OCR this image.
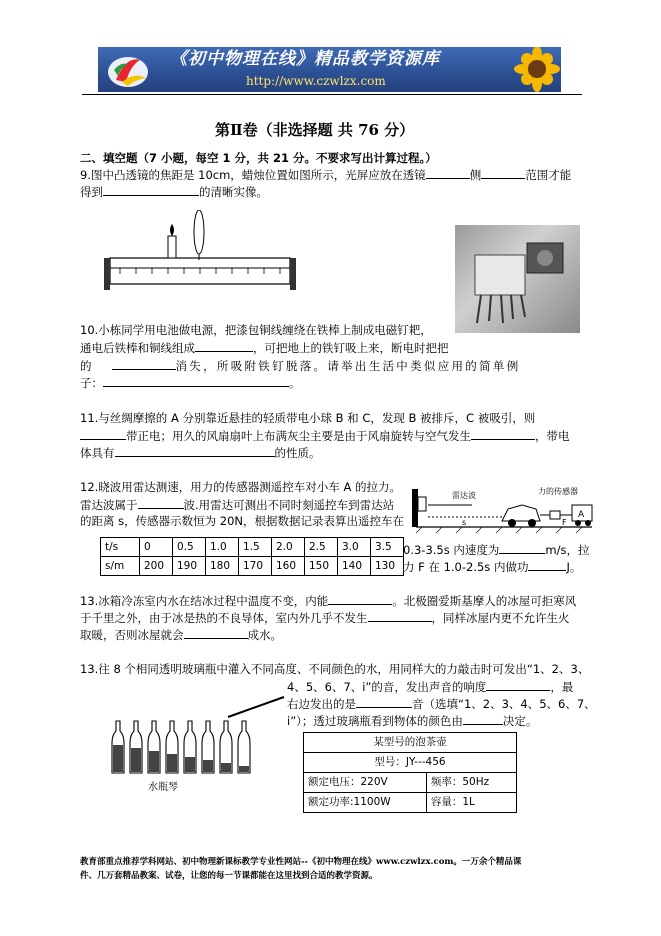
《初中物理在线》精品教学资源库
http://www.czwlzx.com
第Ⅱ卷（非选择题 共 76 分）
二、填空题（7 小题，每空 1 分，共 21 分。不要求写出计算过程。）
9.图中凸透镜的焦距是 10cm，蜡烛位置如图所示，光屏应放在透镜	侧	范围才能
得到	的清晰实像。
10.小栋同学用电池做电源，把漆包铜线缠绕在铁棒上制成电磁钉耙，
通电后铁棒和铜线组成	，可把地上的铁钉吸上来，断电时把把
的	消失，所吸附铁钉脱落。请举出生活中类似应用的简单例
子：	。
11.与丝绸摩擦的 A 分别靠近悬挂的轻质带电小球 B 和 C，发现 B 被排斥，C 被吸引，则
带正电；用久的风扇扇叶上布满灰尘主要是由于风扇旋转与空气发生	，带电
体具有	的性质。
12.晓波用雷达测速，用力的传感器测遥控车对小车 A 的拉力。
雷达波属于	波.用雷达可测出不同时刻遥控车到雷达站
的距离 s，传感器示数恒为 20N，根据数据记录表算出遥控车在
雷达波
s
力的传感器
F
A
t/s	0	0.5	1.0	1.5	2.0	2.5	3.0	3.5
s/m	200	190	180	170	160	150	140	130
0.3-3.5s 内速度为	m/s，拉
力 F 在 1.0-2.5s 内做功	J。
13.冰箱冷冻室内水在结冰过程中温度不变，内能	。北极圈爱斯基摩人的冰屋可拒寒风
于千里之外，由于冰是热的不良导体，室内外几乎不发生	，同样冰屋内更不允许生火
取暖，否则冰屋就会	成水。
13.往 8 个相同透明玻璃瓶中灌入不同高度、不同颜色的水，用同样大的力敲击时可发出“1、2、3、
4、5、6、7、i”的音，发出声音的响度	，最
右边发出的是	音（选填“1、2、3、4、5、6、7、
i”）；透过玻璃瓶看到物体的颜色由	决定。
水瓶琴
某型号的泡茶壶	
型号：JY---456	
额定电压：220V	频率：50Hz
额定功率:1100W	容量：1L
教育部重点推荐学科网站、初中物理新课标教学专业性网站--《初中物理在线》www.czwlzx.com。一万余个精品课
件、几万套精品教案、试卷，让您的每一节课都能在这里找到合适的教学资源。
